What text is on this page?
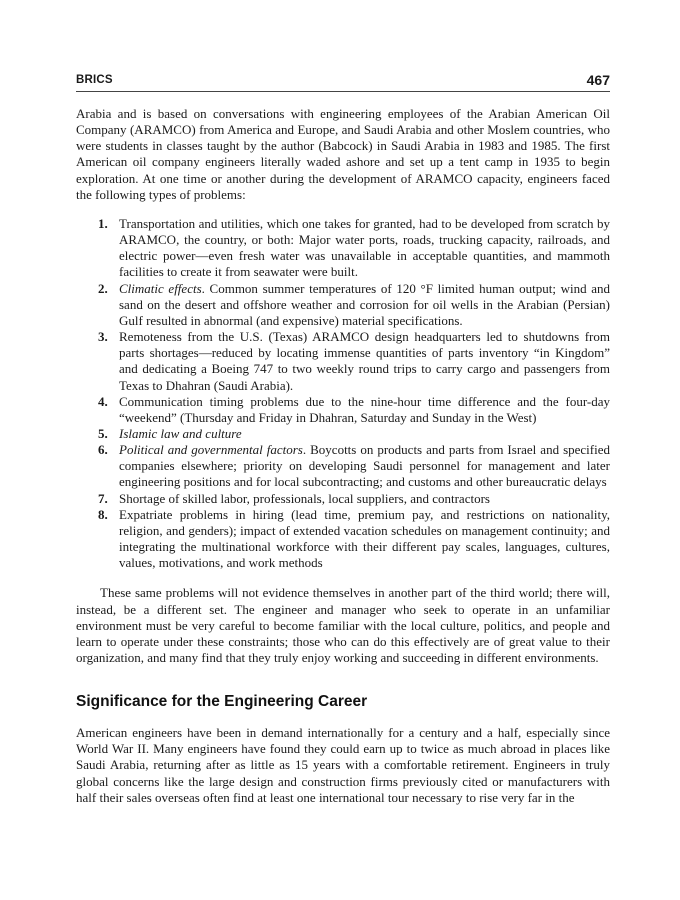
BRICS	467

Arabia and is based on conversations with engineering employees of the Arabian American Oil Company (ARAMCO) from America and Europe, and Saudi Arabia and other Moslem countries, who were students in classes taught by the author (Babcock) in Saudi Arabia in 1983 and 1985. The first American oil company engineers literally waded ashore and set up a tent camp in 1935 to begin exploration. At one time or another during the development of ARAMCO capacity, engineers faced the following types of problems:

1. Transportation and utilities, which one takes for granted, had to be developed from scratch by ARAMCO, the country, or both: Major water ports, roads, trucking capacity, railroads, and electric power—even fresh water was unavailable in acceptable quantities, and mammoth facilities to create it from seawater were built.
2. Climatic effects. Common summer temperatures of 120 °F limited human output; wind and sand on the desert and offshore weather and corrosion for oil wells in the Arabian (Persian) Gulf resulted in abnormal (and expensive) material specifications.
3. Remoteness from the U.S. (Texas) ARAMCO design headquarters led to shutdowns from parts shortages—reduced by locating immense quantities of parts inventory “in Kingdom” and dedicating a Boeing 747 to two weekly round trips to carry cargo and passengers from Texas to Dhahran (Saudi Arabia).
4. Communication timing problems due to the nine-hour time difference and the four-day “weekend” (Thursday and Friday in Dhahran, Saturday and Sunday in the West)
5. Islamic law and culture
6. Political and governmental factors. Boycotts on products and parts from Israel and specified companies elsewhere; priority on developing Saudi personnel for management and later engineering positions and for local subcontracting; and customs and other bureaucratic delays
7. Shortage of skilled labor, professionals, local suppliers, and contractors
8. Expatriate problems in hiring (lead time, premium pay, and restrictions on nationality, religion, and genders); impact of extended vacation schedules on management continuity; and integrating the multinational workforce with their different pay scales, languages, cultures, values, motivations, and work methods

These same problems will not evidence themselves in another part of the third world; there will, instead, be a different set. The engineer and manager who seek to operate in an unfamiliar environment must be very careful to become familiar with the local culture, politics, and people and learn to operate under these constraints; those who can do this effectively are of great value to their organization, and many find that they truly enjoy working and succeeding in different environments.

Significance for the Engineering Career

American engineers have been in demand internationally for a century and a half, especially since World War II. Many engineers have found they could earn up to twice as much abroad in places like Saudi Arabia, returning after as little as 15 years with a comfortable retirement. Engineers in truly global concerns like the large design and construction firms previously cited or manufacturers with half their sales overseas often find at least one international tour necessary to rise very far in the
